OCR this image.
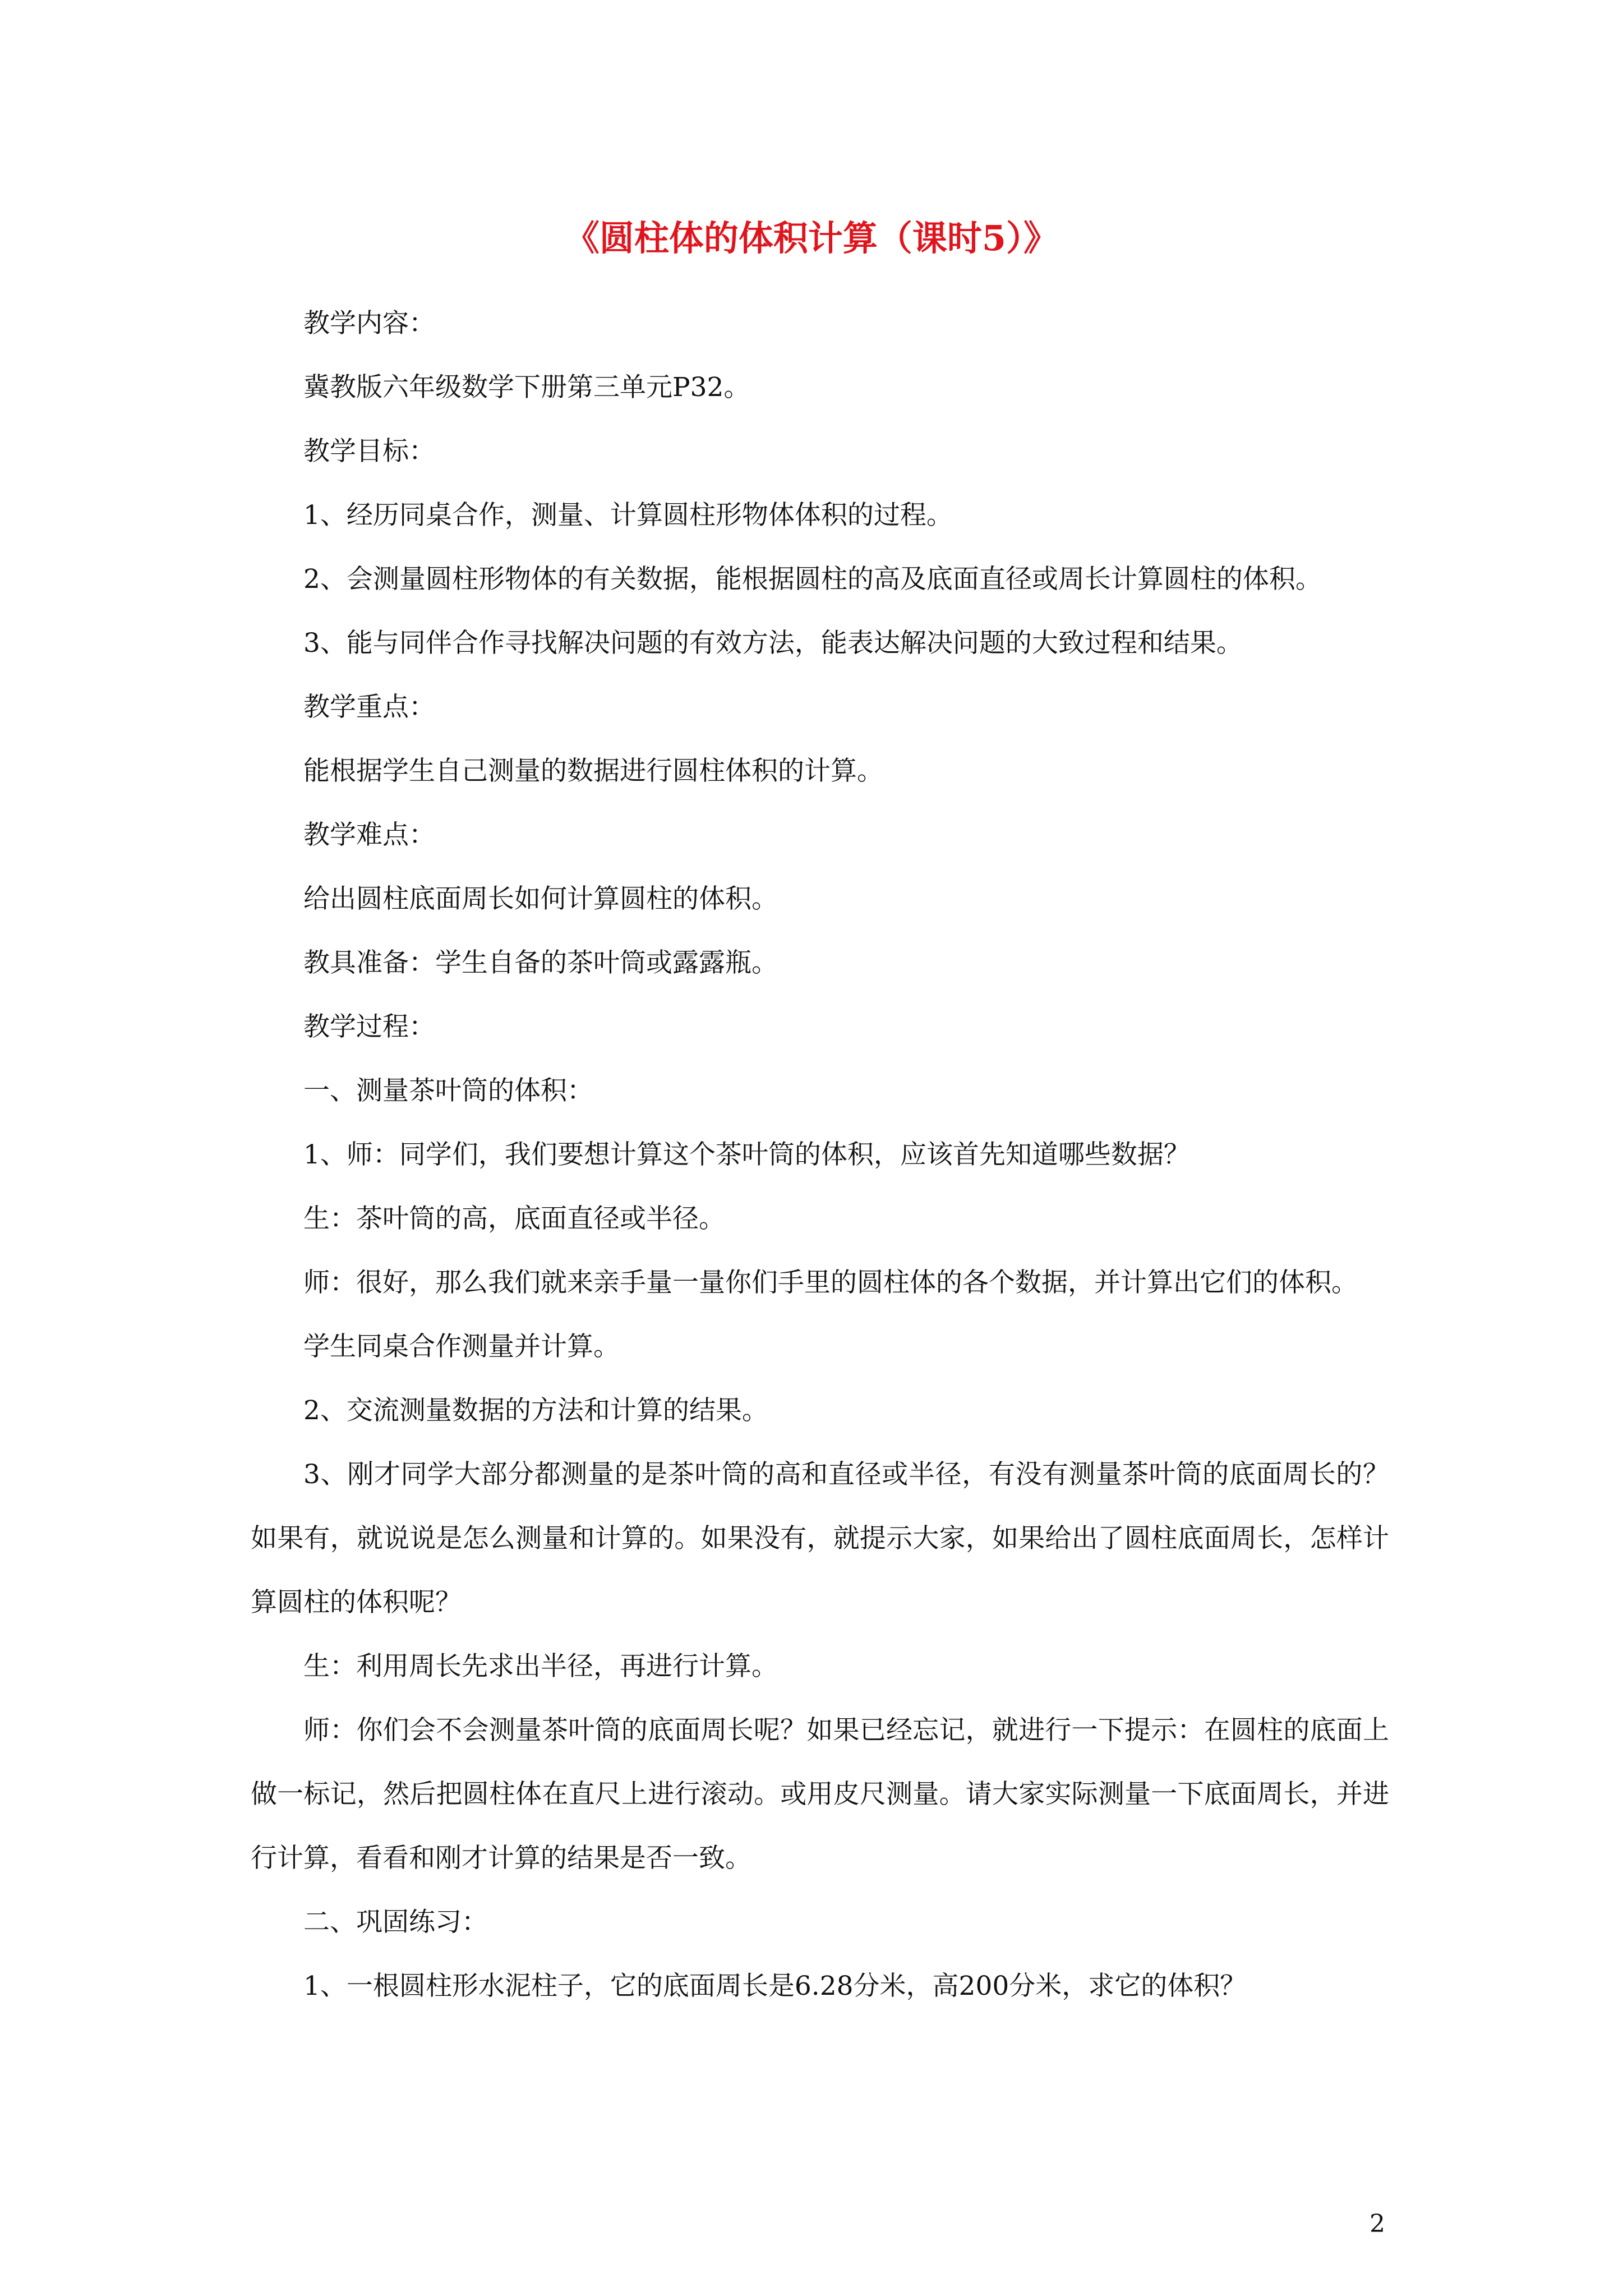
《圆柱体的体积计算（课时5）》

教学内容：

冀教版六年级数学下册第三单元P32。

教学目标：

1、经历同桌合作，测量、计算圆柱形物体体积的过程。

2、会测量圆柱形物体的有关数据，能根据圆柱的高及底面直径或周长计算圆柱的体积。

3、能与同伴合作寻找解决问题的有效方法，能表达解决问题的大致过程和结果。

教学重点：

能根据学生自己测量的数据进行圆柱体积的计算。

教学难点：

给出圆柱底面周长如何计算圆柱的体积。

教具准备：学生自备的茶叶筒或露露瓶。

教学过程：

一、测量茶叶筒的体积：

1、师：同学们，我们要想计算这个茶叶筒的体积，应该首先知道哪些数据？

生：茶叶筒的高，底面直径或半径。

师：很好，那么我们就来亲手量一量你们手里的圆柱体的各个数据，并计算出它们的体积。

学生同桌合作测量并计算。

2、交流测量数据的方法和计算的结果。

3、刚才同学大部分都测量的是茶叶筒的高和直径或半径，有没有测量茶叶筒的底面周长的？如果有，就说说是怎么测量和计算的。如果没有，就提示大家，如果给出了圆柱底面周长，怎样计算圆柱的体积呢？

生：利用周长先求出半径，再进行计算。

师：你们会不会测量茶叶筒的底面周长呢？如果已经忘记，就进行一下提示：在圆柱的底面上做一标记，然后把圆柱体在直尺上进行滚动。或用皮尺测量。请大家实际测量一下底面周长，并进行计算，看看和刚才计算的结果是否一致。

二、巩固练习：

1、一根圆柱形水泥柱子，它的底面周长是6.28分米，高200分米，求它的体积？

2
